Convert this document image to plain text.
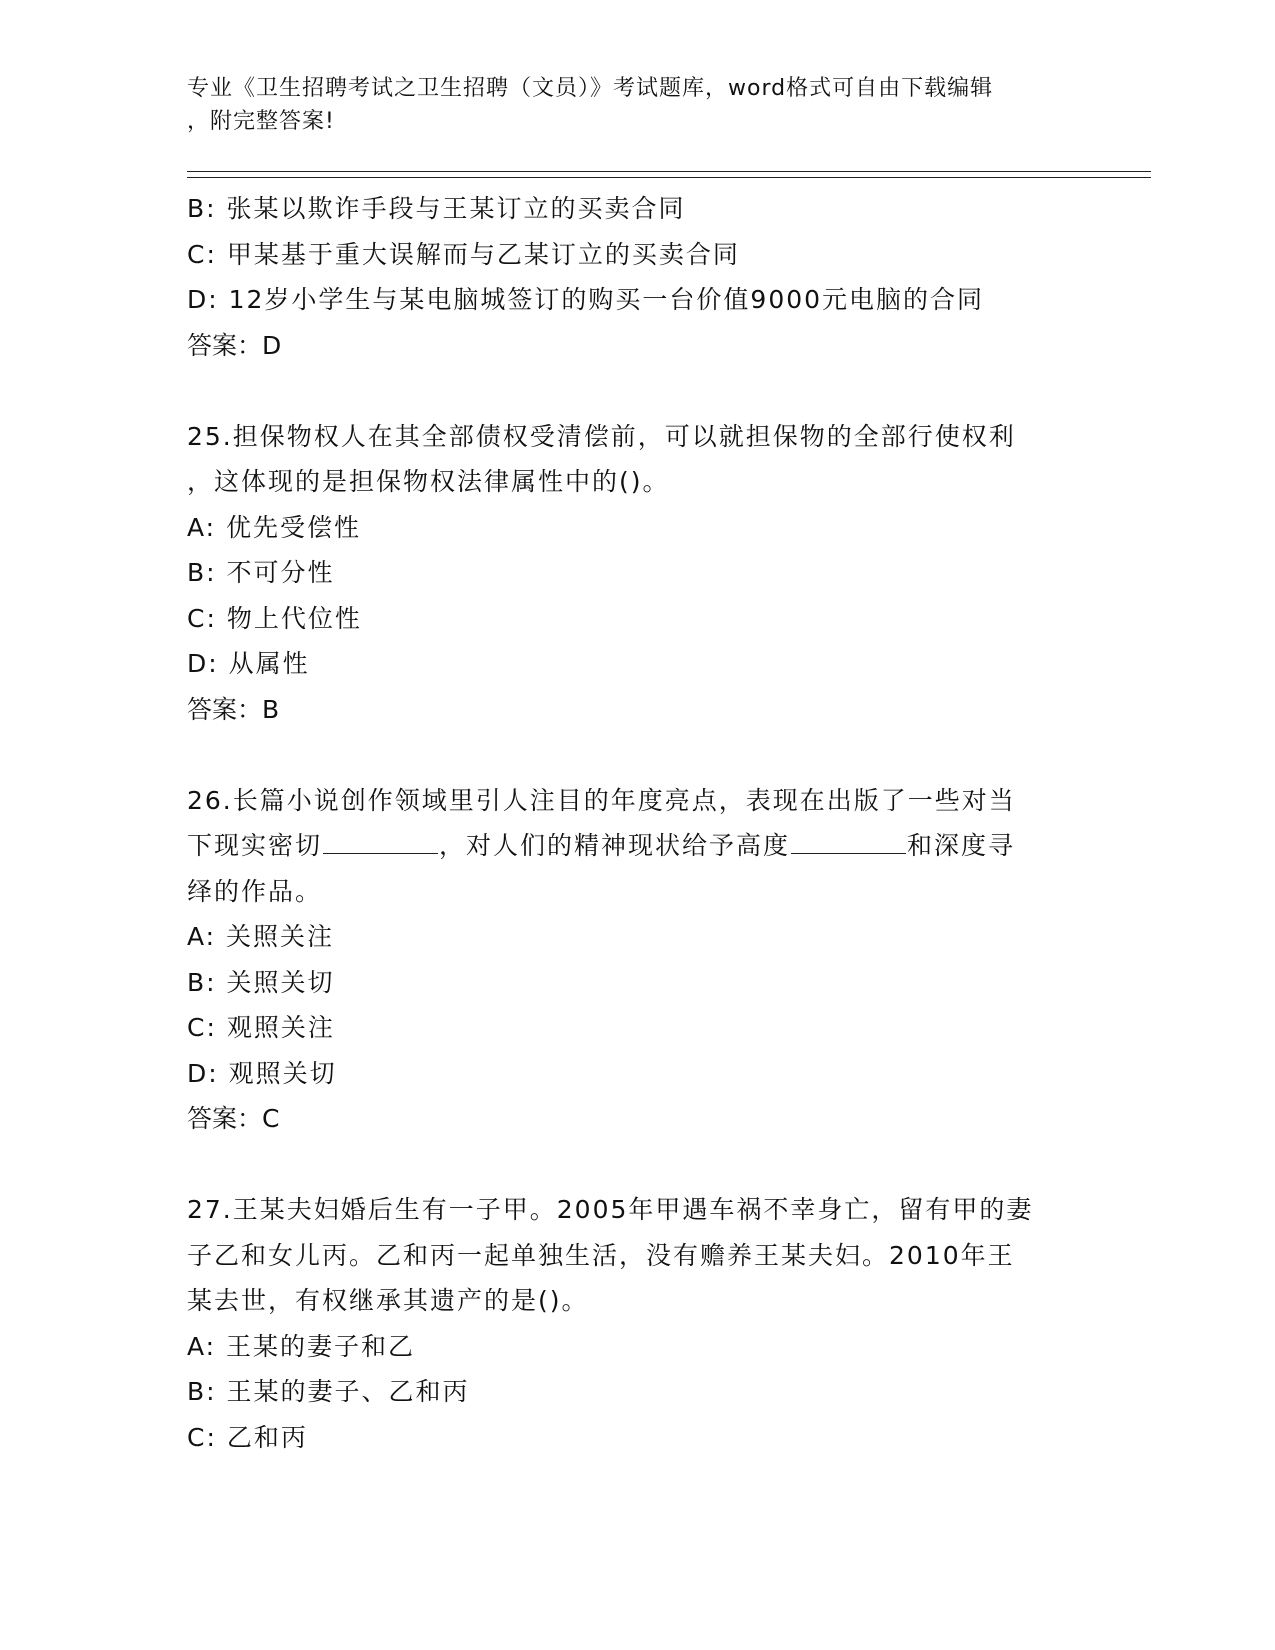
专业《卫生招聘考试之卫生招聘（文员）》考试题库，word格式可自由下载编辑
，附完整答案!
B: 张某以欺诈手段与王某订立的买卖合同
C: 甲某基于重大误解而与乙某订立的买卖合同
D: 12岁小学生与某电脑城签订的购买一台价值9000元电脑的合同
答案：D
25.担保物权人在其全部债权受清偿前，可以就担保物的全部行使权利
，这体现的是担保物权法律属性中的()。
A: 优先受偿性
B: 不可分性
C: 物上代位性
D: 从属性
答案：B
26.长篇小说创作领域里引人注目的年度亮点，表现在出版了一些对当
下现实密切	，对人们的精神现状给予高度	和深度寻
绎的作品。
A: 关照关注
B: 关照关切
C: 观照关注
D: 观照关切
答案：C
27.王某夫妇婚后生有一子甲。2005年甲遇车祸不幸身亡，留有甲的妻
子乙和女儿丙。乙和丙一起单独生活，没有赡养王某夫妇。2010年王
某去世，有权继承其遗产的是()。
A: 王某的妻子和乙
B: 王某的妻子、乙和丙
C: 乙和丙
